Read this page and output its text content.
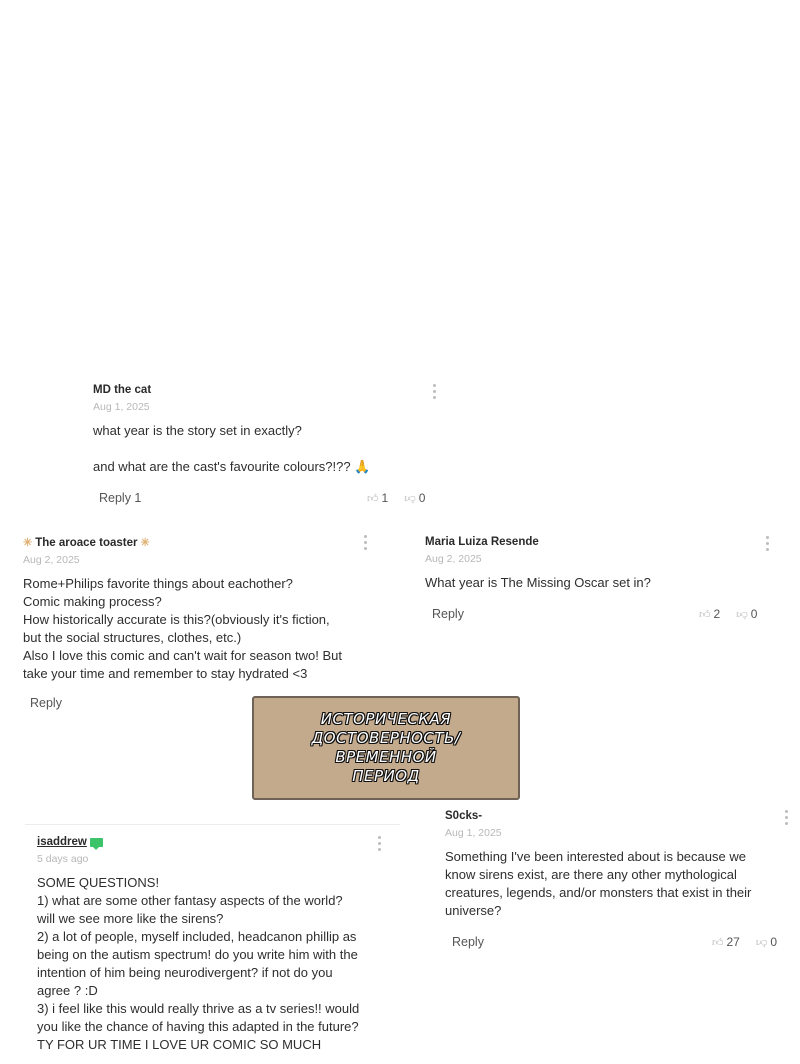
MD the cat
Aug 1, 2025
what year is the story set in exactly?

and what are the cast's favourite colours?!?? 🙏
Reply 1	👍︎ 1 👍︎ 0
✳ The aroace toaster ✳
Aug 2, 2025
Rome+Philips favorite things about eachother?
Comic making process?
How historically accurate is this?(obviously it's fiction,
but the social structures, clothes, etc.)
Also I love this comic and can't wait for season two! But
take your time and remember to stay hydrated <3
Reply
Maria Luiza Resende
Aug 2, 2025
What year is The Missing Oscar set in?
Reply	👍︎ 2 👍︎ 0
ИСТОРИЧЕСКАЯ
ДОСТОВЕРНОСТЬ/
ВРЕМЕННОЙ
ПЕРИОД
S0cks-
Aug 1, 2025
Something I've been interested about is because we
know sirens exist, are there any other mythological
creatures, legends, and/or monsters that exist in their
universe?
Reply	👍︎ 27 👍︎ 0
isaddrew
5 days ago
SOME QUESTIONS!
1) what are some other fantasy aspects of the world?
will we see more like the sirens?
2) a lot of people, myself included, headcanon phillip as
being on the autism spectrum! do you write him with the
intention of him being neurodivergent? if not do you
agree ? :D
3) i feel like this would really thrive as a tv series!! would
you like the chance of having this adapted in the future?
TY FOR UR TIME I LOVE UR COMIC SO MUCH
